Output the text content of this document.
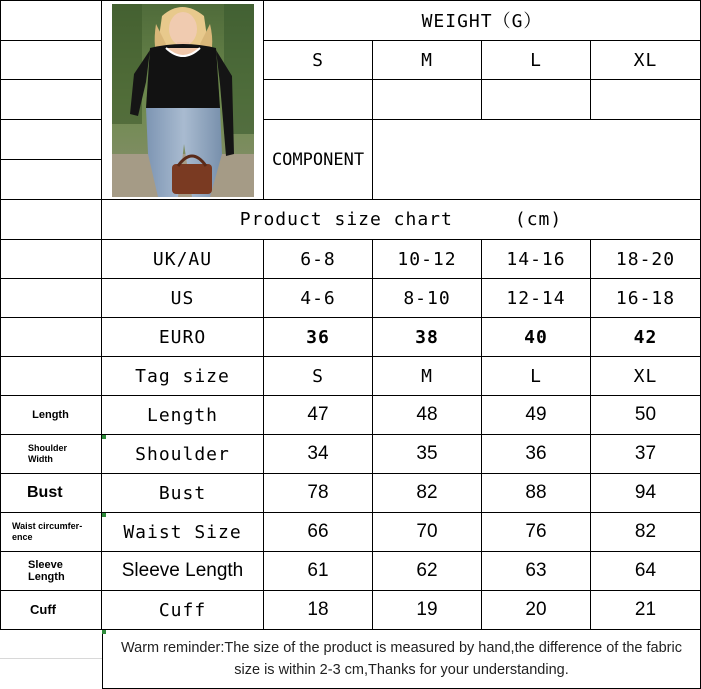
WEIGHT（G）
S	M	L	XL
COMPONENT
Product size chart	(cm)
UK/AU	6-8	10-12	14-16	18-20
US	4-6	8-10	12-14	16-18
EURO	36	38	40	42
Tag size	S	M	L	XL
Length	Length	47	48	49	50
Shoulder Width	Shoulder	34	35	36	37
Bust	Bust	78	82	88	94
Waist circumfer-ence	Waist Size	66	70	76	82
Sleeve Length	Sleeve Length	61	62	63	64
Cuff	Cuff	18	19	20	21
Warm reminder:The size of the product is measured by hand,the difference of the fabric size is within 2-3 cm,Thanks for your understanding.
